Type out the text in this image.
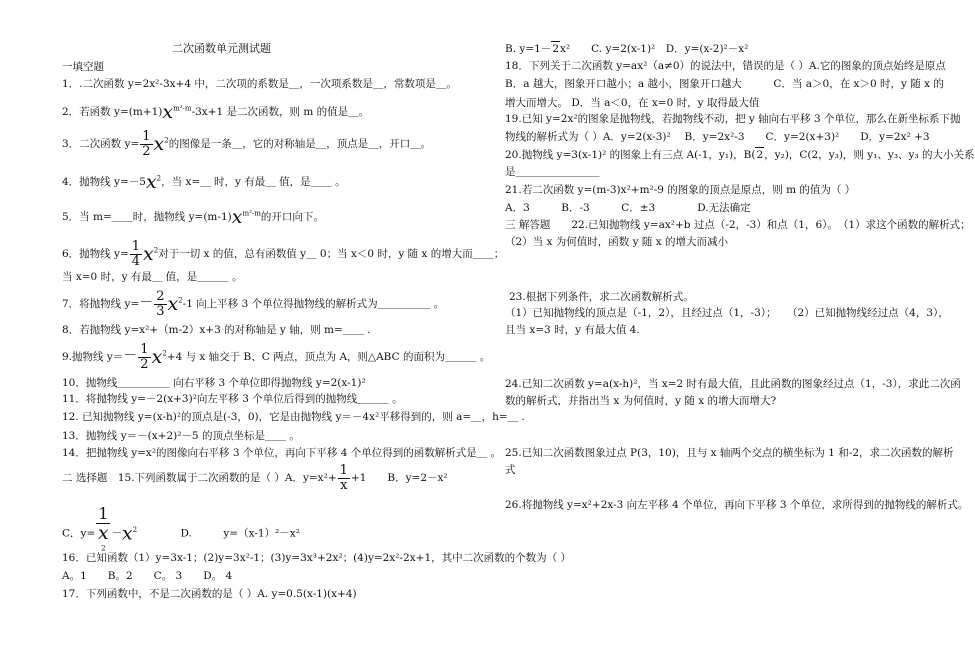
二次函数单元测试题
一填空题
1．.二次函数 y=2x²-3x+4 中，二次项的系数是＿，一次项系数是＿，常数项是＿。
2．若函数 $y=(m+1)x^{m^2-m}-3x+1$ 是二次函数，则 m 的值是＿。
3．二次函数 $y= \frac{1}{2} x^2$的图像是一条＿，它的对称轴是＿，顶点是＿，开口＿。
4．抛物线 $y=-5x^2$，当 x=＿ 时，y 有最＿ 值，是＿＿ 。
5．当 m=＿＿时，抛物线 $y=(m-1)x^{m^2-m}$的开口向下。
6．抛物线 $y= \frac{1}{4} x^2$对于一切 x 的值，总有函数值 y＿ 0；当 x＜0 时，y 随 x 的增大而＿＿；
当 x=0 时，y 有最＿ 值，是＿＿＿ 。
7．将抛物线 $y=- \frac{2}{3} x^2-1$ 向上平移 3 个单位得抛物线的解析式为＿＿＿＿＿ 。
8．若抛物线 y=x²+（m-2）x+3 的对称轴是 y 轴，则 m=＿＿ .
9.抛物线 $y=- \frac{1}{2} x^2+4$ 与 x 轴交于 B、C 两点，顶点为 A，则△ABC 的面积为＿＿＿ 。
10．抛物线＿＿＿＿＿ 向右平移 3 个单位即得抛物线 y=2(x-1)²
11．将抛物线 y=－2(x+3)²向左平移 3 个单位后得到的抛物线＿＿＿ 。
12. 已知抛物线 y=(x-h)²的顶点是(-3，0)，它是由抛物线 y＝－4x²平移得到的，则 a=＿，h=＿ .
13．抛物线 y＝－(x+2)²－5 的顶点坐标是＿＿ 。
14．把抛物线 y=x²的图像向右平移 3 个单位，再向下平移 4 个单位得到的函数解析式是＿ 。
二 选择题　15.下列函数属于二次函数的是（ ）A．$y=x^2+ \frac{1}{x} +1$　　B．y=2－x²
C．y= 1
x
$^2 -x^2$	D.　　　y=（x-1）²－x²
16．已知函数（1）y=3x-1；(2)y=3x²-1；(3)y=3x³+2x²；(4)y=2x²-2x+1，其中二次函数的个数为（ ）
A。1　　B。2　　C。 3　　D。 4
17．下列函数中，不是二次函数的是（ ）A. y=0.5(x-1)(x+4)
B. y=1－2x²　　C. y=2(x-1)²　D．y=(x-2)²－x²
18．下列关于二次函数 y=ax²（a≠0）的说法中，错误的是（ ）A.它的图象的顶点始终是原点
B．a 越大，图象开口越小；a 越小，图象开口越大　　　C．当 a＞0，在 x＞0 时，y 随 x 的
增大而增大。 D．当 a＜0，在 x=0 时，y 取得最大值
19.已知 y=2x²的图象是抛物线，若抛物线不动，把 y 轴向右平移 3 个单位，那么在新坐标系下抛
物线的解析式为（ ）A．y=2(x-3)²　 B．y=2x²-3　　C．y=2(x+3)²　　D．y=2x² +3
20.抛物线 y=3(x-1)² 的图象上有三点 A(-1，y₁)，B(2，y₂)，C(2，y₃)，则 y₁、y₃、y₃ 的大小关系
是＿＿＿＿＿＿＿＿
21.若二次函数 y=(m-3)x²+m²-9 的图象的顶点是原点，则 m 的值为（ ）
A．3　　　B．-3　　　C．±3　　　　D.无法确定
三 解答题　　22.已知抛物线 y=ax²+b 过点（-2，-3）和点（1，6）。　（1）求这个函数的解析式；
（2）当 x 为何值时，函数 y 随 x 的增大而减小
23.根据下列条件，求二次函数解析式。
（1）已知抛物线的顶点是（-1，2），且经过点（1，-3）；　　（2）已知抛物线经过点（4，3），
且当 x=3 时，y 有最大值 4.
24.已知二次函数 y=a(x-h)²，当 x=2 时有最大值，且此函数的图象经过点（1，-3），求此二次函
数的解析式，并指出当 x 为何值时，y 随 x 的增大而增大?
25.已知二次函数图象过点 P(3，10)，且与 x 轴两个交点的横坐标为 1 和-2，求二次函数的解析
式
26.将抛物线 y=x²+2x-3 向左平移 4 个单位，再向下平移 3 个单位，求所得到的抛物线的解析式。
